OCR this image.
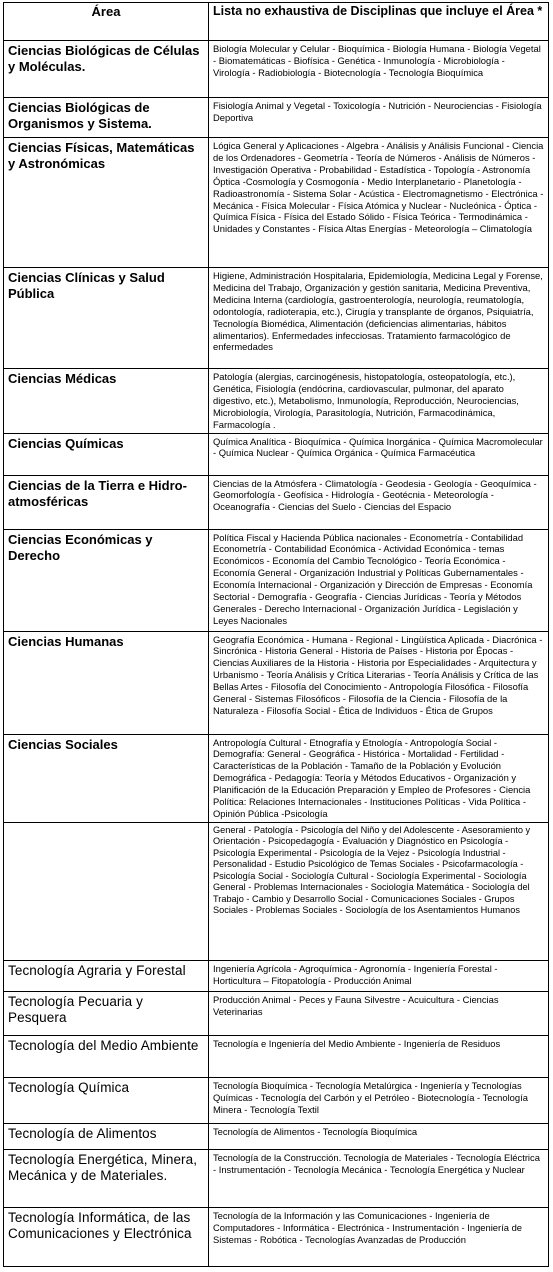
Área	Lista no exhaustiva de Disciplinas que incluye el Área *
Ciencias Biológicas de Células y Moléculas.	Biología Molecular y Celular - Bioquímica - Biología Humana - Biología Vegetal - Biomatemáticas - Biofísica - Genética - Inmunología - Microbiología - Virología - Radiobiología - Biotecnología - Tecnología Bioquímica
Ciencias Biológicas de Organismos y Sistema.	Fisiología Animal y Vegetal - Toxicología - Nutrición - Neurociencias - Fisiología Deportiva
Ciencias Físicas, Matemáticas y Astronómicas	Lógica General y Aplicaciones - Algebra - Análisis y Análisis Funcional - Ciencia de los Ordenadores - Geometría - Teoría de Números - Análisis de Números - Investigación Operativa - Probabilidad - Estadística - Topología - Astronomía Óptica -Cosmología y Cosmogonía - Medio Interplanetario - Planetología - Radioastronomía - Sistema Solar - Acústica - Electromagnetismo - Electrónica - Mecánica - Física Molecular - Física Atómica y Nuclear - Nucleónica - Óptica - Química Física - Física del Estado Sólido - Física Teórica - Termodinámica - Unidades y Constantes - Física Altas Energías - Meteorología – Climatología
Ciencias Clínicas y Salud Pública	Higiene, Administración Hospitalaria, Epidemiología, Medicina Legal y Forense, Medicina del Trabajo, Organización y gestión sanitaria, Medicina Preventiva, Medicina Interna (cardiología, gastroenterología, neurología, reumatología, odontología, radioterapia, etc.), Cirugía y transplante de órganos, Psiquiatría, Tecnología Biomédica, Alimentación (deficiencias alimentarias, hábitos alimentarios). Enfermedades infecciosas. Tratamiento farmacológico de enfermedades
Ciencias Médicas	Patología (alergias, carcinogénesis, histopatología, osteopatología, etc.), Genética, Fisiología (endócrina, cardiovascular, pulmonar, del aparato digestivo, etc.), Metabolismo, Inmunología, Reproducción, Neurociencias, Microbiología, Virología, Parasitología, Nutrición, Farmacodinámica, Farmacología .
Ciencias Químicas	Química Analítica - Bioquímica - Química Inorgánica - Química Macromolecular - Química Nuclear - Química Orgánica - Química Farmacéutica
Ciencias de la Tierra e Hidro-atmosféricas	Ciencias de la Atmósfera - Climatología - Geodesia - Geología - Geoquímica - Geomorfología - Geofísica - Hidrología - Geotécnia - Meteorología - Oceanografía - Ciencias del Suelo - Ciencias del Espacio
Ciencias Económicas y Derecho	Política Fiscal y Hacienda Pública nacionales - Econometría - Contabilidad Econometría - Contabilidad Económica - Actividad Económica - temas Económicos - Economía del Cambio Tecnológico - Teoría Económica - Economía General - Organización Industrial y Políticas Gubernamentales - Economía Internacional - Organización y Dirección de Empresas - Economía Sectorial - Demografía - Geografía - Ciencias Jurídicas - Teoría y Métodos Generales - Derecho Internacional - Organización Jurídica - Legislación y Leyes Nacionales
Ciencias Humanas	Geografía Económica - Humana - Regional - Lingüística Aplicada - Diacrónica - Sincrónica - Historia General - Historia de Países - Historia por Épocas - Ciencias Auxiliares de la Historia - Historia por Especialidades - Arquitectura y Urbanismo - Teoría Análisis y Crítica Literarias - Teoría Análisis y Crítica de las Bellas Artes - Filosofía del Conocimiento - Antropología Filosófica - Filosofía General - Sistemas Filosóficos - Filosofía de la Ciencia - Filosofía de la Naturaleza - Filosofía Social - Ética de Individuos - Ética de Grupos
Ciencias Sociales	Antropología Cultural - Etnografía y Etnología - Antropología Social - Demografía: General - Geográfica - Histórica - Mortalidad - Fertilidad - Características de la Población - Tamaño de la Población y Evolución Demográfica - Pedagogía: Teoría y Métodos Educativos - Organización y Planificación de la Educación Preparación y Empleo de Profesores - Ciencia Política: Relaciones Internacionales - Instituciones Políticas - Vida Política - Opinión Pública -Psicología
	General - Patología - Psicología del Niño y del Adolescente - Asesoramiento y Orientación - Psicopedagogía - Evaluación y Diagnóstico en Psicología - Psicología Experimental - Psicología de la Vejez - Psicología Industrial - Personalidad - Estudio Psicológico de Temas Sociales - Psicofarmacología - Psicología Social - Sociología Cultural - Sociología Experimental - Sociología General - Problemas Internacionales - Sociología Matemática - Sociología del Trabajo - Cambio y Desarrollo Social - Comunicaciones Sociales - Grupos Sociales - Problemas Sociales - Sociología de los Asentamientos Humanos
Tecnología Agraria y Forestal	Ingeniería Agrícola - Agroquímica - Agronomía - Ingeniería Forestal - Horticultura – Fitopatología - Producción Animal
Tecnología Pecuaria y Pesquera	Producción Animal - Peces y Fauna Silvestre - Acuicultura - Ciencias Veterinarias
Tecnología del Medio Ambiente	Tecnología e Ingeniería del Medio Ambiente - Ingeniería de Residuos
Tecnología Química	Tecnología Bioquímica - Tecnología Metalúrgica - Ingeniería y Tecnologías Químicas - Tecnología del Carbón y el Petróleo - Biotecnología - Tecnología Minera - Tecnología Textil
Tecnología de Alimentos	Tecnología de Alimentos - Tecnología Bioquímica
Tecnología Energética, Minera, Mecánica y de Materiales.	Tecnología de la Construcción. Tecnología de Materiales - Tecnología Eléctrica - Instrumentación - Tecnología Mecánica - Tecnología Energética y Nuclear
Tecnología Informática, de las Comunicaciones y Electrónica	Tecnología de la Información y las Comunicaciones - Ingeniería de Computadores - Informática - Electrónica - Instrumentación - Ingeniería de Sistemas - Robótica - Tecnologías Avanzadas de Producción
